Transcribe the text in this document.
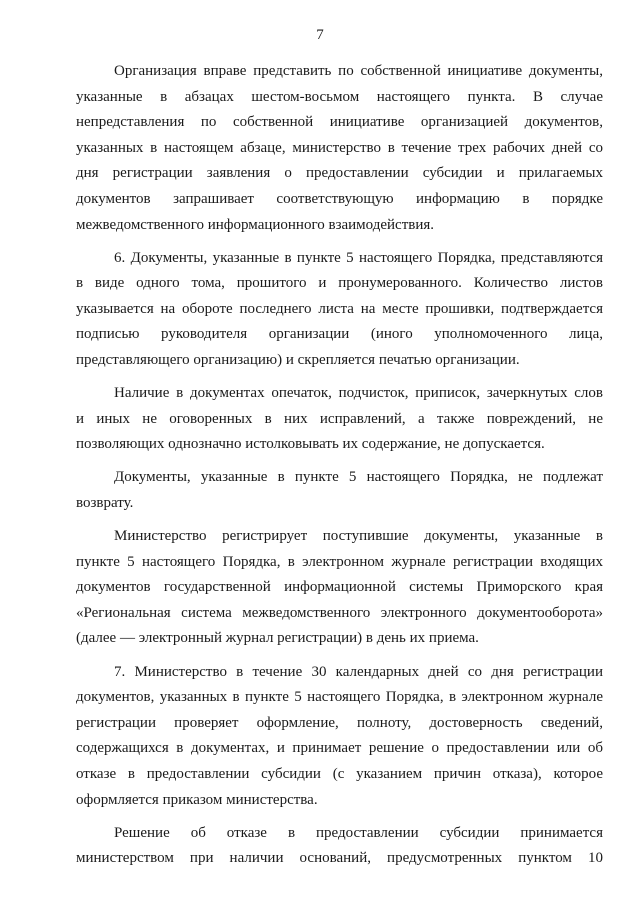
7

Организация вправе представить по собственной инициативе документы,
указанные в абзацах шестом-восьмом настоящего пункта. В случае
непредставления по собственной инициативе организацией документов,
указанных в настоящем абзаце, министерство в течение трех рабочих дней со
дня регистрации заявления о предоставлении субсидии и прилагаемых
документов запрашивает соответствующую информацию в порядке
межведомственного информационного взаимодействия.

6. Документы, указанные в пункте 5 настоящего Порядка, представляются
в виде одного тома, прошитого и пронумерованного. Количество листов
указывается на обороте последнего листа на месте прошивки, подтверждается
подписью руководителя организации (иного уполномоченного лица,
представляющего организацию) и скрепляется печатью организации.

Наличие в документах опечаток, подчисток, приписок, зачеркнутых слов
и иных не оговоренных в них исправлений, а также повреждений, не
позволяющих однозначно истолковывать их содержание, не допускается.

Документы, указанные в пункте 5 настоящего Порядка, не подлежат
возврату.

Министерство регистрирует поступившие документы, указанные в
пункте 5 настоящего Порядка, в электронном журнале регистрации входящих
документов государственной информационной системы Приморского края
«Региональная система межведомственного электронного документооборота»
(далее — электронный журнал регистрации) в день их приема.

7. Министерство в течение 30 календарных дней со дня регистрации
документов, указанных в пункте 5 настоящего Порядка, в электронном журнале
регистрации проверяет оформление, полноту, достоверность сведений,
содержащихся в документах, и принимает решение о предоставлении или об
отказе в предоставлении субсидии (с указанием причин отказа), которое
оформляется приказом министерства.

Решение об отказе в предоставлении субсидии принимается
министерством при наличии оснований, предусмотренных пунктом 10
